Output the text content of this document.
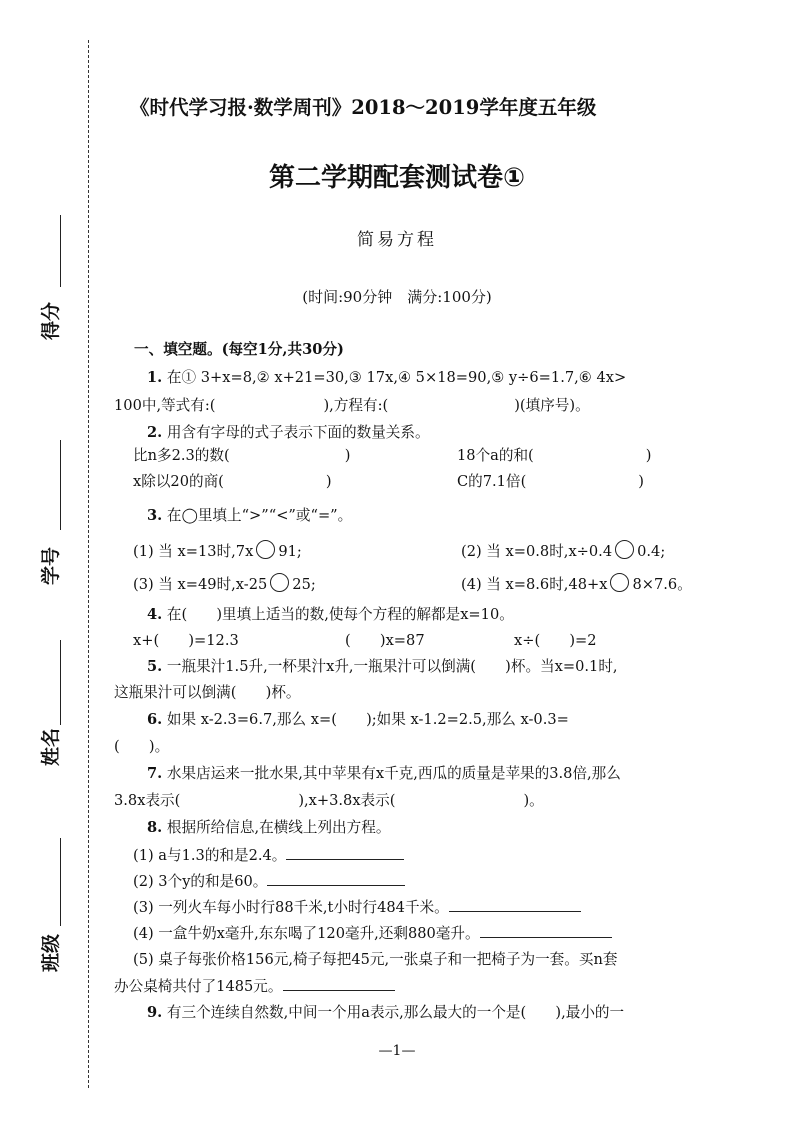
得分
学号
姓名
班级
《时代学习报·数学周刊》2018～2019学年度五年级
第二学期配套测试卷①
简易方程
(时间:90分钟　满分:100分)
一、填空题。(每空1分,共30分)
1. 在① 3+x=8,② x+21=30,③ 17x,④ 5×18=90,⑤ y÷6=1.7,⑥ 4x>
100中,等式有:(	),方程有:(	)(填序号)。
2. 用含有字母的式子表示下面的数量关系。
比n多2.3的数(	)	18个a的和(	)
x除以20的商(	)	C的7.1倍(	)
3. 在◯里填上“>”“<”或“=”。
(1) 当 x=13时,7x 91;	(2) 当 x=0.8时,x÷0.4 0.4;
(3) 当 x=49时,x-25 25;	(4) 当 x=8.6时,48+x 8×7.6。
4. 在(　　)里填上适当的数,使每个方程的解都是x=10。
x+(　　)=12.3	(　　)x=87	x÷(　　)=2
5. 一瓶果汁1.5升,一杯果汁x升,一瓶果汁可以倒满(　　)杯。当x=0.1时,
这瓶果汁可以倒满(　　)杯。
6. 如果 x-2.3=6.7,那么 x=(　　);如果 x-1.2=2.5,那么 x-0.3=
(　　)。
7. 水果店运来一批水果,其中苹果有x千克,西瓜的质量是苹果的3.8倍,那么
3.8x表示(	),x+3.8x表示(	)。
8. 根据所给信息,在横线上列出方程。
(1) a与1.3的和是2.4。
(2) 3个y的和是60。
(3) 一列火车每小时行88千米,t小时行484千米。
(4) 一盒牛奶x毫升,东东喝了120毫升,还剩880毫升。
(5) 桌子每张价格156元,椅子每把45元,一张桌子和一把椅子为一套。买n套
办公桌椅共付了1485元。
9. 有三个连续自然数,中间一个用a表示,那么最大的一个是(　　),最小的一
—1—
